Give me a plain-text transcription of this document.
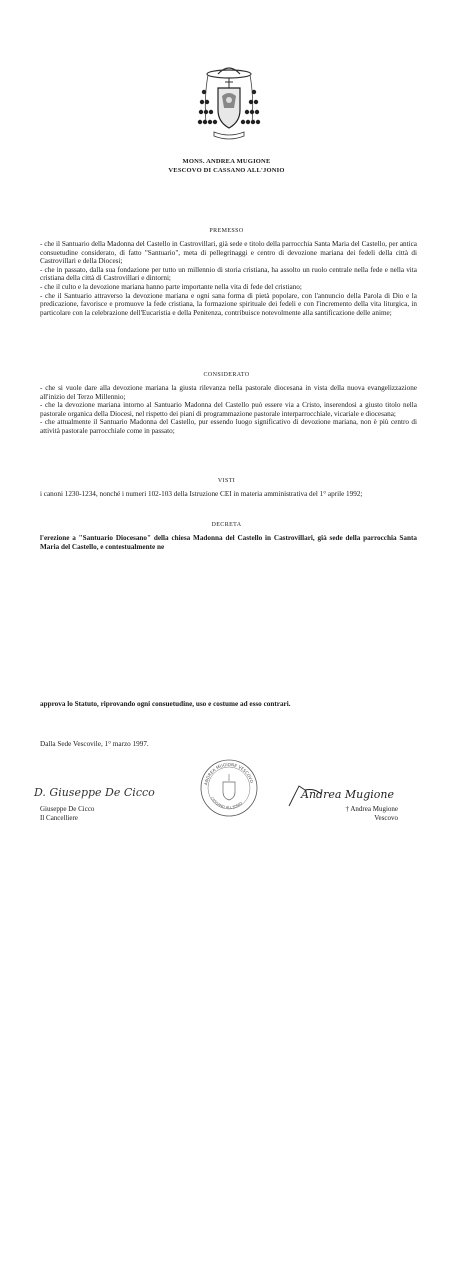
MONS. ANDREA MUGIONE
VESCOVO DI CASSANO ALL'JONIO
PREMESSO

- che il Santuario della Madonna del Castello in Castrovillari, già sede e titolo della parrocchia Santa Maria del Castello, per antica consuetudine considerato, di fatto "Santuario", meta di pellegrinaggi e centro di devozione mariana dei fedeli della città di Castrovillari e della Diocesi;

- che in passato, dalla sua fondazione per tutto un millennio di storia cristiana, ha assolto un ruolo centrale nella fede e nella vita cristiana della città di Castrovillari e dintorni;

- che il culto e la devozione mariana hanno parte importante nella vita di fede del cristiano;

- che il Santuario attraverso la devozione mariana e ogni sana forma di pietà popolare, con l'annuncio della Parola di Dio e la predicazione, favorisce e promuove la fede cristiana, la formazione spirituale dei fedeli e con l'incremento della vita liturgica, in particolare con la celebrazione dell'Eucaristia e della Penitenza, contribuisce notevolmente alla santificazione delle anime;

CONSIDERATO

- che si vuole dare alla devozione mariana la giusta rilevanza nella pastorale diocesana in vista della nuova evangelizzazione all'inizio del Terzo Millennio;

- che la devozione mariana intorno al Santuario Madonna del Castello può essere via a Cristo, inserendosi a giusto titolo nella pastorale organica della Diocesi, nel rispetto dei piani di programmazione pastorale interparrocchiale, vicariale e diocesana;

- che attualmente il Santuario Madonna del Castello, pur essendo luogo significativo di devozione mariana, non è più centro di attività pastorale parrocchiale come in passato;

VISTI
i canoni 1230-1234, nonché i numeri 102-103 della Istruzione CEI in materia amministrativa del 1° aprile 1992;
DECRETA
l'erezione a "Santuario Diocesano" della chiesa Madonna del Castello in Castrovillari, già sede della parrocchia Santa Maria del Castello, e contestualmente ne
approva lo Statuto, riprovando ogni consuetudine, uso e costume ad esso contrari.
Dalla Sede Vescovile, 1° marzo 1997.
D. Giuseppe De Cicco
ANDREA MUGIONE VESCOVO
CASSANO ALL'JONIO
Andrea Mugione
Giuseppe De Cicco
Il Cancelliere
† Andrea Mugione
Vescovo
